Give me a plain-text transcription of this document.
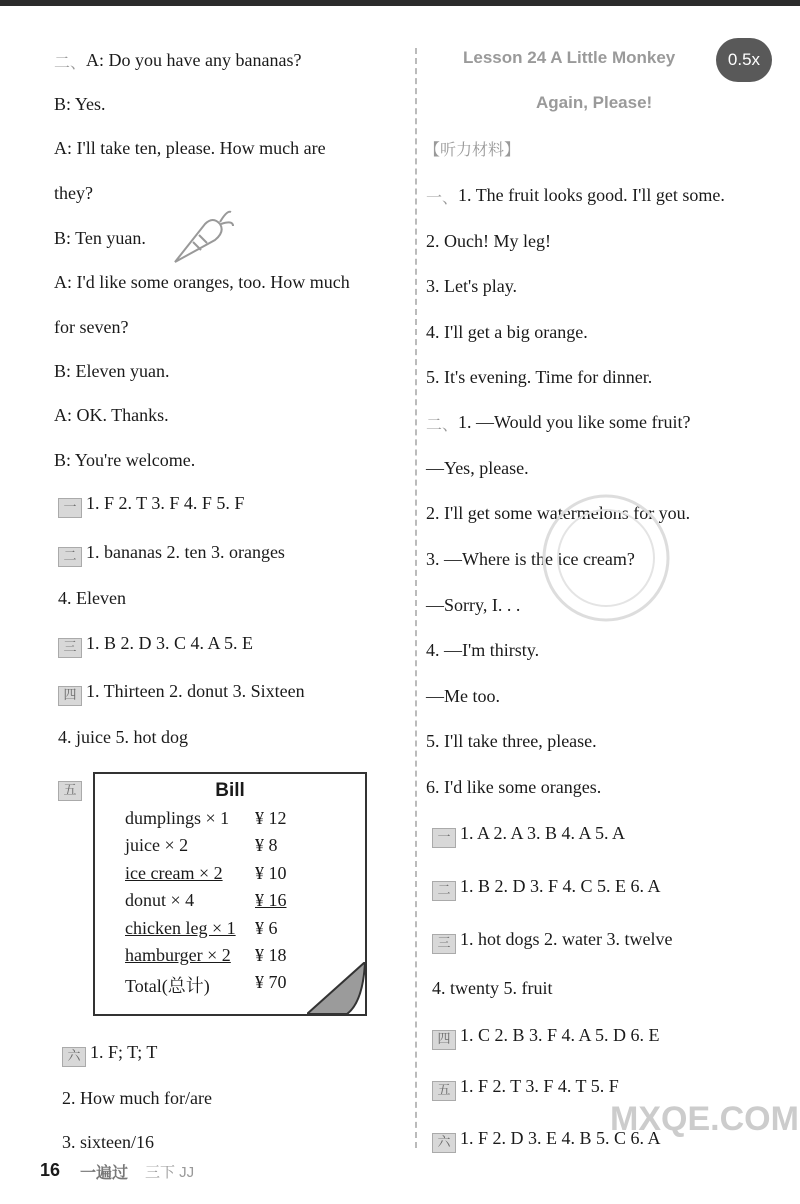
0.5x
二、A: Do you have any bananas?
B: Yes.
A: I'll take ten, please. How much are
they?
B: Ten yuan.
A: I'd like some oranges, too. How much
for seven?
B: Eleven yuan.
A: OK. Thanks.
B: You're welcome.
一 1. F 2. T 3. F 4. F 5. F
二 1. bananas 2. ten 3. oranges
4. Eleven
三 1. B 2. D 3. C 4. A 5. E
四 1. Thirteen 2. donut 3. Sixteen
4. juice 5. hot dog
五	Bill
dumplings × 1 ¥ 12
juice × 2	¥ 8
ice cream × 2 ¥ 10
donut × 4	¥ 16
chicken leg × 1 ¥ 6
hamburger × 2 ¥ 18
Total(总计)	¥ 70
六 1. F; T; T
2. How much for/are
3. sixteen/16
Lesson 24 A Little Monkey
Again, Please!
【听力材料】
一、1. The fruit looks good. I'll get some.
2. Ouch! My leg!
3. Let's play.
4. I'll get a big orange.
5. It's evening. Time for dinner.
二、1. —Would you like some fruit?
—Yes, please.
2. I'll get some watermelons for you.
3. —Where is the ice cream?
—Sorry, I. . .
4. —I'm thirsty.
—Me too.
5. I'll take three, please.
6. I'd like some oranges.
一 1. A 2. A 3. B 4. A 5. A
二 1. B 2. D 3. F 4. C 5. E 6. A
三 1. hot dogs 2. water 3. twelve
4. twenty 5. fruit
四 1. C 2. B 3. F 4. A 5. D 6. E
五 1. F 2. T 3. F 4. T 5. F
六 1. F 2. D 3. E 4. B 5. C 6. A
MXQE.COM
16 一遍过 三下 JJ
